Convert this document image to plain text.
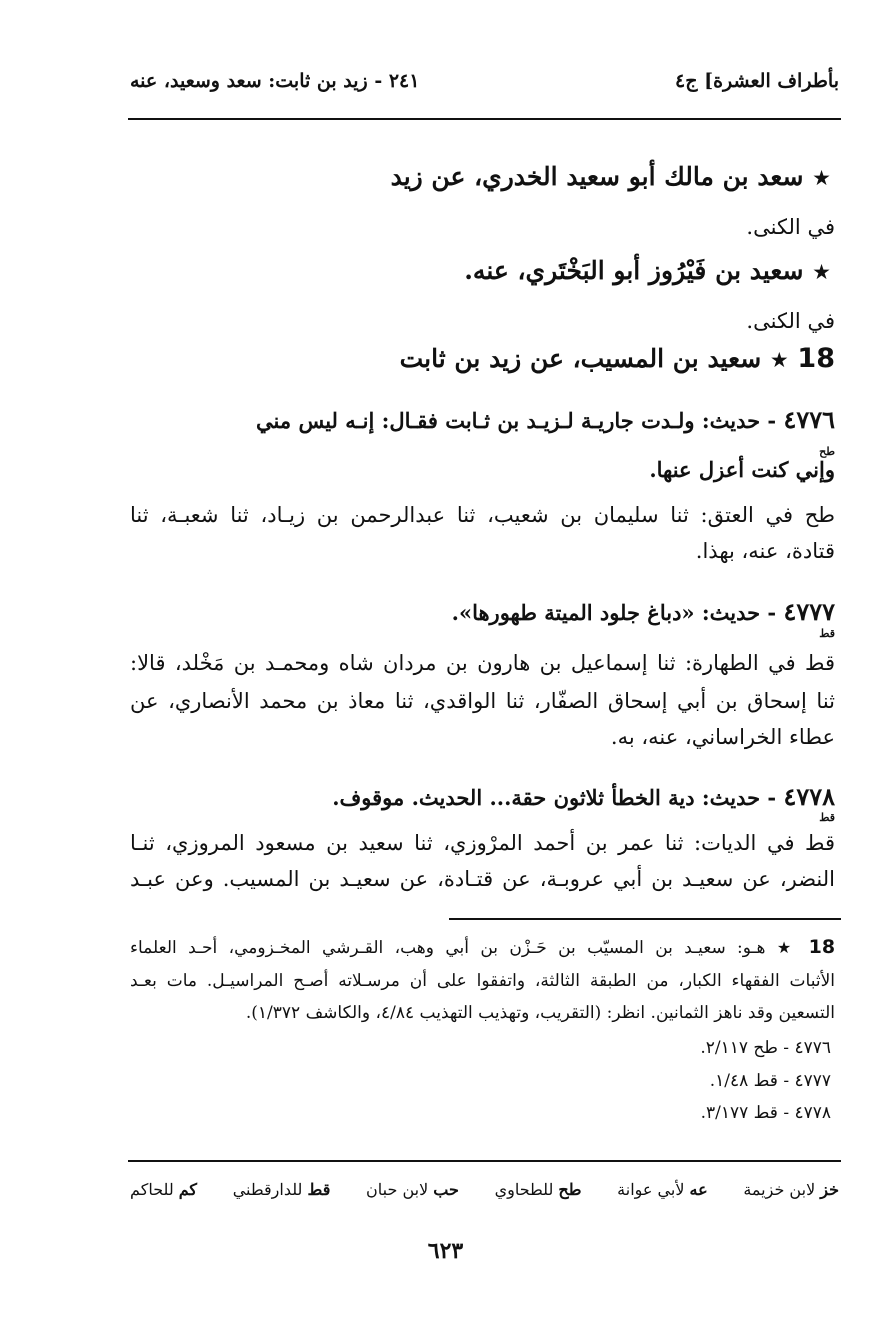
بأطراف العشرة] ج٤
٢٤١ - زيد بن ثابت: سعد وسعيد، عنه
★ سعد بن مالك أبو سعيد الخدري، عن زيد
في الكنى.
★ سعيد بن فَيْرُوز أبو البَخْتَري، عنه.
في الكنى.
18 ★ سعيد بن المسيب، عن زيد بن ثابت
٤٧٧٦ - حديث: ولـدت جاريـة لـزيـد بن ثـابت فقـال: إنـه ليس مني
طح
وإني كنت أعزل عنها.
طح في العتق: ثنا سليمان بن شعيب، ثنا عبدالرحمن بن زيـاد، ثنا شعبـة، ثنا
قتادة، عنه، بهذا.
٤٧٧٧ - حديث: «دباغ جلود الميتة طهورها».
قط
قط في الطهارة: ثنا إسماعيل بن هارون بن مردان شاه ومحمـد بن مَخْلد، قالا:
ثنا إسحاق بن أبي إسحاق الصفّار، ثنا الواقدي، ثنا معاذ بن محمد الأنصاري، عن
عطاء الخراساني، عنه، به.
٤٧٧٨ - حديث: دية الخطأ ثلاثون حقة... الحديث. موقوف.
قط
قط في الديات: ثنا عمر بن أحمد المرْوزي، ثنا سعيد بن مسعود المروزي، ثنـا
النضر، عن سعيـد بن أبي عروبـة، عن قتـادة، عن سعيـد بن المسيب. وعن عبـد
18 ★ هـو: سعيـد بن المسيّب بن حَـزْن بن أبي وهب، القـرشي المخـزومي، أحـد العلماء
الأثبات الفقهاء الكبار، من الطبقة الثالثة، واتفقوا على أن مرسـلاته أصـح المراسيـل. مات بعـد
التسعين وقد ناهز الثمانين. انظر: (التقريب، وتهذيب التهذيب ٤/٨٤، والكاشف ١/٣٧٢).
٤٧٧٦ - طح ٢/١١٧.
٤٧٧٧ - قط ١/٤٨.
٤٧٧٨ - قط ٣/١٧٧.
خز لابن خزيمة
عه لأبي عوانة
طح للطحاوي
حب لابن حبان
قط للدارقطني
كم للحاكم
٦٢٣
